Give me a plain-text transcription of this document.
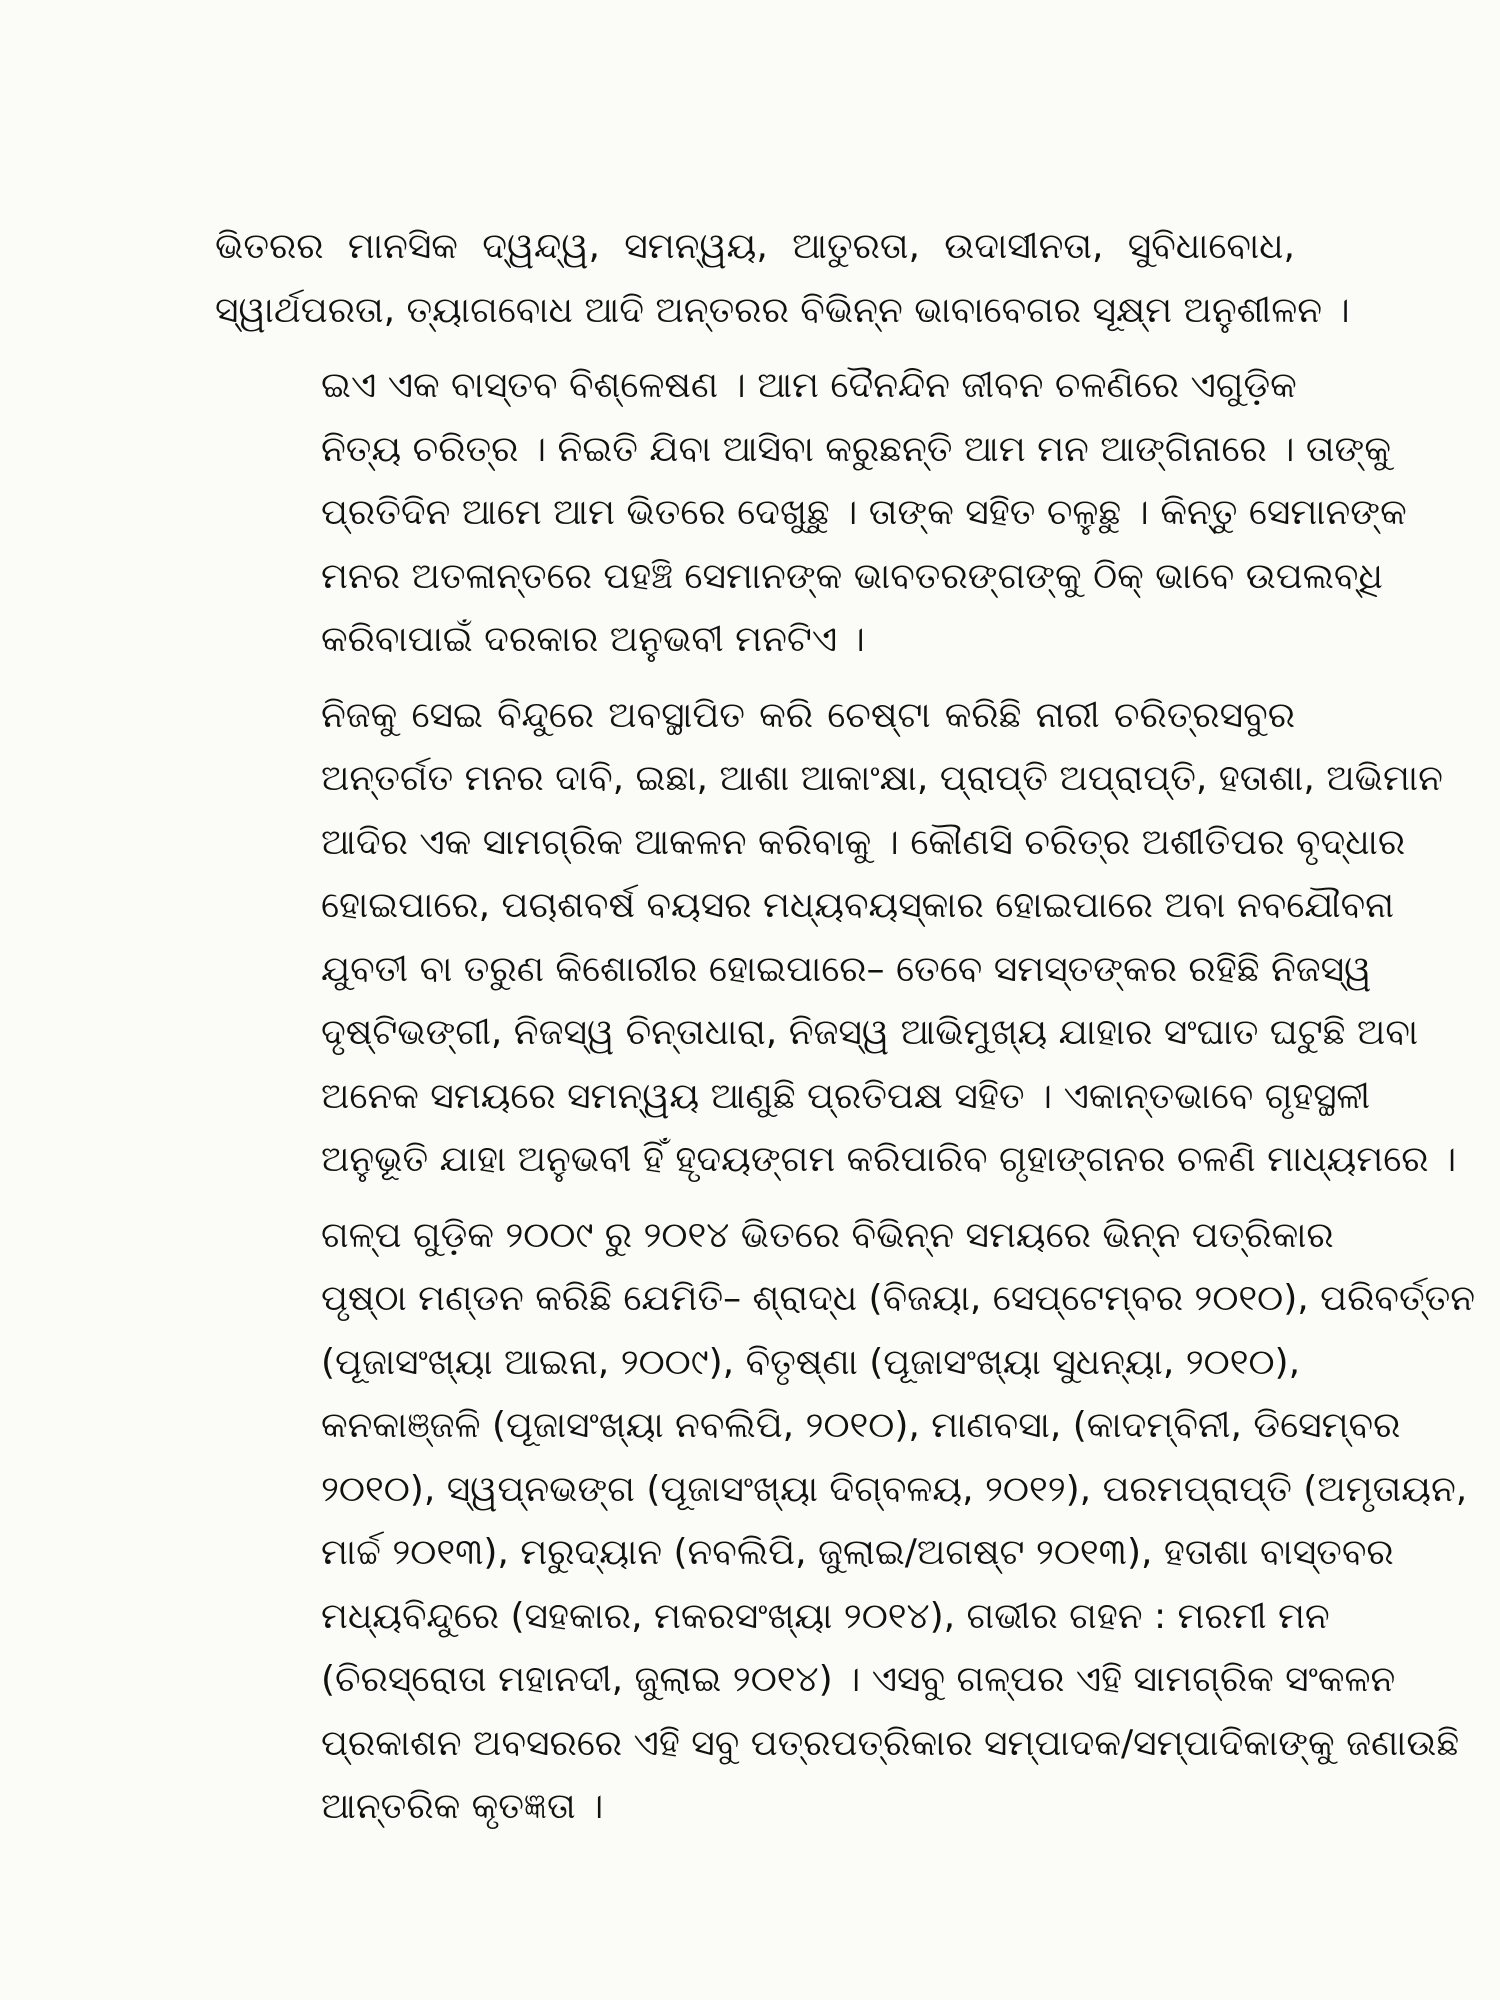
ଭିତରର ମାନସିକ ଦ୍ୱନ୍ଦ୍ୱ, ସମନ୍ୱୟ, ଆତୁରତା, ଉଦାସୀନତା, ସୁବିଧାବୋଧ,
ସ୍ୱାର୍ଥପରତା, ତ୍ୟାଗବୋଧ ଆଦି ଅନ୍ତରର ବିଭିନ୍ନ ଭାବାବେଗର ସୂକ୍ଷ୍ମ ଅନୁଶୀଳନ ।

ଇଏ ଏକ ବାସ୍ତବ ବିଶ୍ଳେଷଣ । ଆମ ଦୈନନ୍ଦିନ ଜୀବନ ଚଳଣିରେ ଏଗୁଡ଼ିକ
ନିତ୍ୟ ଚରିତ୍ର । ନିଇତି ଯିବା ଆସିବା କରୁଛନ୍ତି ଆମ ମନ ଆଙ୍ଗିନାରେ । ତାଙ୍କୁ
ପ୍ରତିଦିନ ଆମେ ଆମ ଭିତରେ ଦେଖୁଛୁ । ତାଙ୍କ ସହିତ ଚଳୁଛୁ । କିନ୍ତୁ ସେମାନଙ୍କ
ମନର ଅତଳାନ୍ତରେ ପହଞ୍ଚି ସେମାନଙ୍କ ଭାବତରଙ୍ଗଙ୍କୁ ଠିକ୍ ଭାବେ ଉପଲବ୍ଧି
କରିବାପାଇଁ ଦରକାର ଅନୁଭବୀ ମନଟିଏ ।

ନିଜକୁ ସେଇ ବିନ୍ଦୁରେ ଅବସ୍ଥାପିତ କରି ଚେଷ୍ଟା କରିଛି ନାରୀ ଚରିତ୍ରସବୁର
ଅନ୍ତର୍ଗତ ମନର ଦାବି, ଇଛା, ଆଶା ଆକାଂକ୍ଷା, ପ୍ରାପ୍ତି ଅପ୍ରାପ୍ତି, ହତାଶା, ଅଭିମାନ
ଆଦିର ଏକ ସାମଗ୍ରିକ ଆକଳନ କରିବାକୁ । କୌଣସି ଚରିତ୍ର ଅଶୀତିପର ବୃଦ୍ଧାର
ହୋଇପାରେ, ପଚାଶବର୍ଷ ବୟସର ମଧ୍ୟବୟସ୍କାର ହୋଇପାରେ ଅବା ନବଯୌବନା
ଯୁବତୀ ବା ତରୁଣ କିଶୋରୀର ହୋଇପାରେ– ତେବେ ସମସ୍ତଙ୍କର ରହିଛି ନିଜସ୍ୱ
ଦୃଷ୍ଟିଭଙ୍ଗୀ, ନିଜସ୍ୱ ଚିନ୍ତାଧାରା, ନିଜସ୍ୱ ଆଭିମୁଖ୍ୟ ଯାହାର ସଂଘାତ ଘଟୁଛି ଅବା
ଅନେକ ସମୟରେ ସମନ୍ୱୟ ଆଣୁଛି ପ୍ରତିପକ୍ଷ ସହିତ । ଏକାନ୍ତଭାବେ ଗୃହସ୍ଥଳୀ
ଅନୁଭୂତି ଯାହା ଅନୁଭବୀ ହିଁ ହୃଦୟଙ୍ଗମ କରିପାରିବ ଗୃହାଙ୍ଗନର ଚଳଣି ମାଧ୍ୟମରେ ।

ଗଳ୍ପ ଗୁଡ଼ିକ ୨୦୦୯ ରୁ ୨୦୧୪ ଭିତରେ ବିଭିନ୍ନ ସମୟରେ ଭିନ୍ନ ପତ୍ରିକାର
ପୃଷ୍ଠା ମଣ୍ଡନ କରିଛି ଯେମିତି– ଶ୍ରାଦ୍ଧ (ବିଜୟା, ସେପ୍ଟେମ୍ବର ୨୦୧୦), ପରିବର୍ତ୍ତନ
(ପୂଜାସଂଖ୍ୟା ଆଇନା, ୨୦୦୯), ବିତୃଷ୍ଣା (ପୂଜାସଂଖ୍ୟା ସୁଧନ୍ୟା, ୨୦୧୦),
କନକାଞ୍ଜଳି (ପୂଜାସଂଖ୍ୟା ନବଲିପି, ୨୦୧୦), ମାଣବସା, (କାଦମ୍ବିନୀ, ଡିସେମ୍ବର
୨୦୧୦), ସ୍ୱପ୍ନଭଙ୍ଗ (ପୂଜାସଂଖ୍ୟା ଦିଗ୍‌ବଳୟ, ୨୦୧୨), ପରମପ୍ରାପ୍ତି (ଅମୃତାୟନ,
ମାର୍ଚ୍ଚ ୨୦୧୩), ମରୁଦ୍ୟାନ (ନବଲିପି, ଜୁଲାଇ/ଅଗଷ୍ଟ ୨୦୧୩), ହତାଶା ବାସ୍ତବର
ମଧ୍ୟବିନ୍ଦୁରେ (ସହକାର, ମକରସଂଖ୍ୟା ୨୦୧୪), ଗଭୀର ଗହନ : ମରମୀ ମନ
(ଚିରସ୍ରୋତା ମହାନଦୀ, ଜୁଲାଇ ୨୦୧୪) । ଏସବୁ ଗଳ୍ପର ଏହି ସାମଗ୍ରିକ ସଂକଳନ
ପ୍ରକାଶନ ଅବସରରେ ଏହି ସବୁ ପତ୍ରପତ୍ରିକାର ସମ୍ପାଦକ/ସମ୍ପାଦିକାଙ୍କୁ ଜଣାଉଛି
ଆନ୍ତରିକ କୃତଜ୍ଞତା ।
